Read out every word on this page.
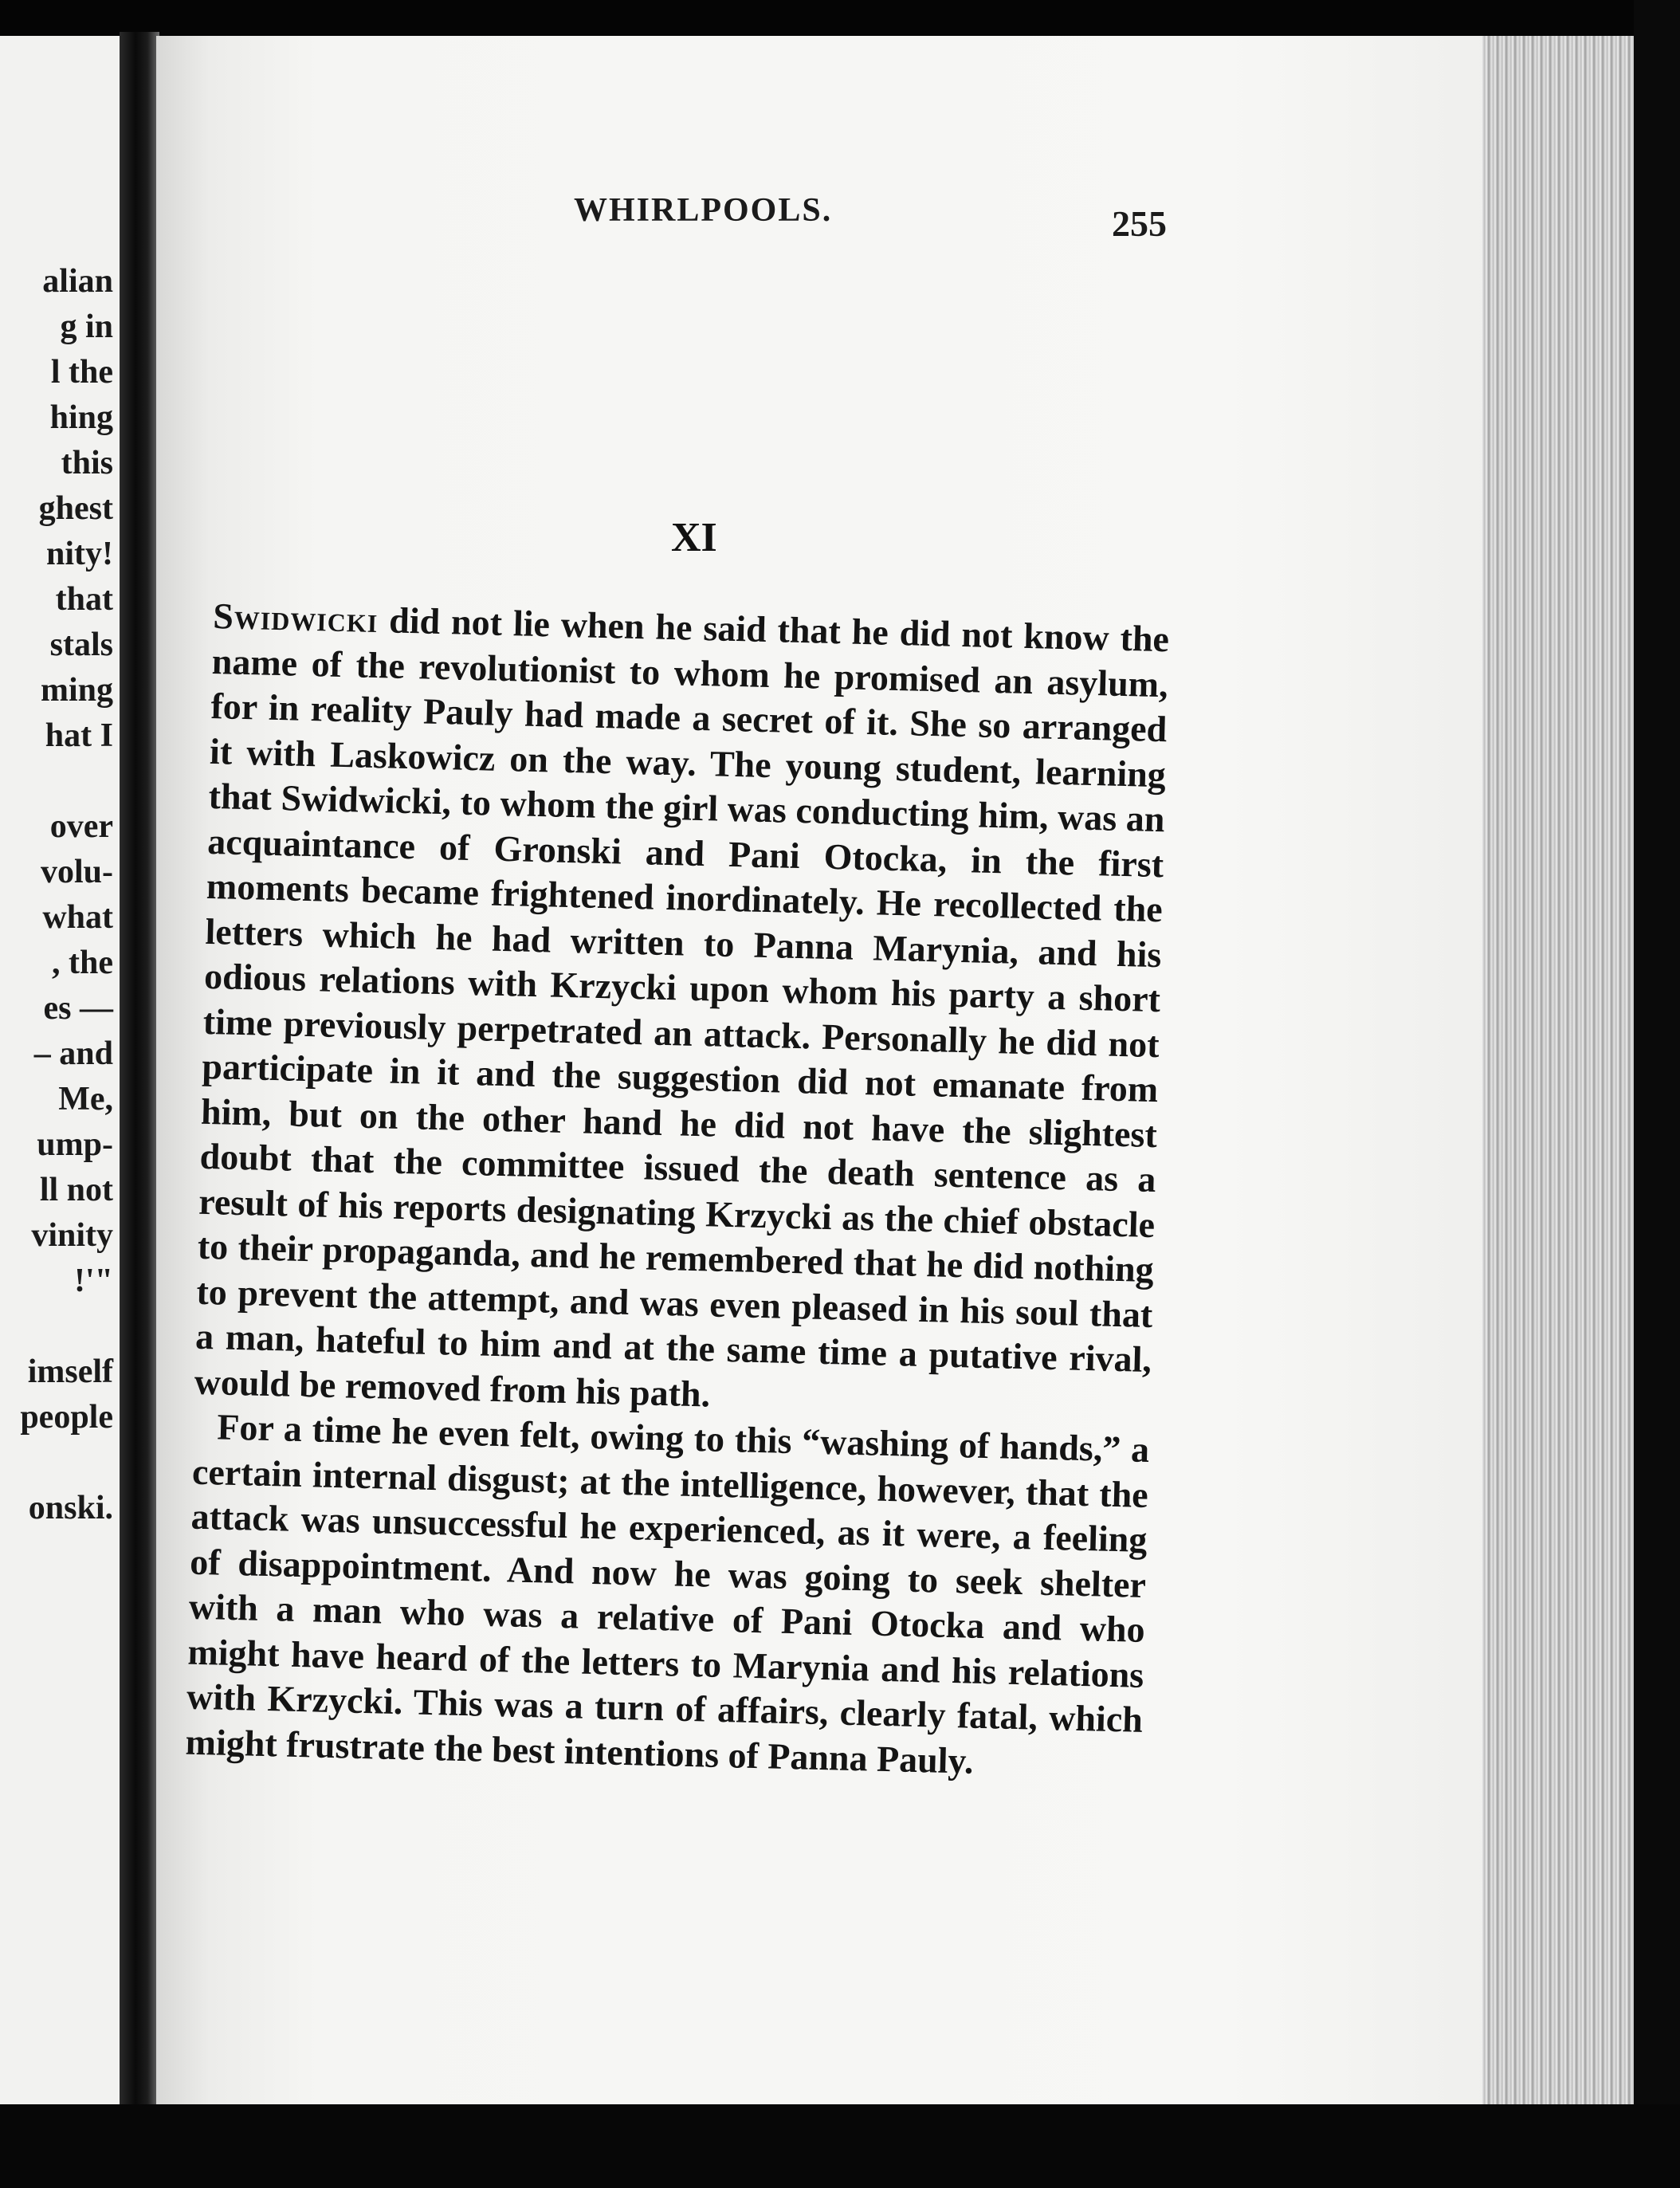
alian
g in
l the
hing
this
ghest
nity!
that
stals
ming
hat I
over
volu-
what
, the
es —
– and
Me,
ump-
ll not
vinity
!'"
imself
people
onski.
WHIRLPOOLS.	255
XI

Swidwicki did not lie when he said that he did not know the name of the revolutionist to whom he promised an asylum, for in reality Pauly had made a secret of it. She so arranged it with Laskowicz on the way. The young student, learning that Swidwicki, to whom the girl was conducting him, was an acquaintance of Gronski and Pani Otocka, in the first moments became frightened inordinately. He recollected the letters which he had written to Panna Marynia, and his odious relations with Krzycki upon whom his party a short time previously perpetrated an attack. Personally he did not participate in it and the suggestion did not emanate from him, but on the other hand he did not have the slightest doubt that the committee issued the death sentence as a result of his reports designating Krzycki as the chief obstacle to their propaganda, and he remembered that he did nothing to prevent the attempt, and was even pleased in his soul that a man, hateful to him and at the same time a putative rival, would be removed from his path.

For a time he even felt, owing to this “washing of hands,” a certain internal disgust; at the intelligence, however, that the attack was unsuccessful he experienced, as it were, a feeling of disappointment. And now he was going to seek shelter with a man who was a relative of Pani Otocka and who might have heard of the letters to Marynia and his relations with Krzycki. This was a turn of affairs, clearly fatal, which might frustrate the best intentions of Panna Pauly.
